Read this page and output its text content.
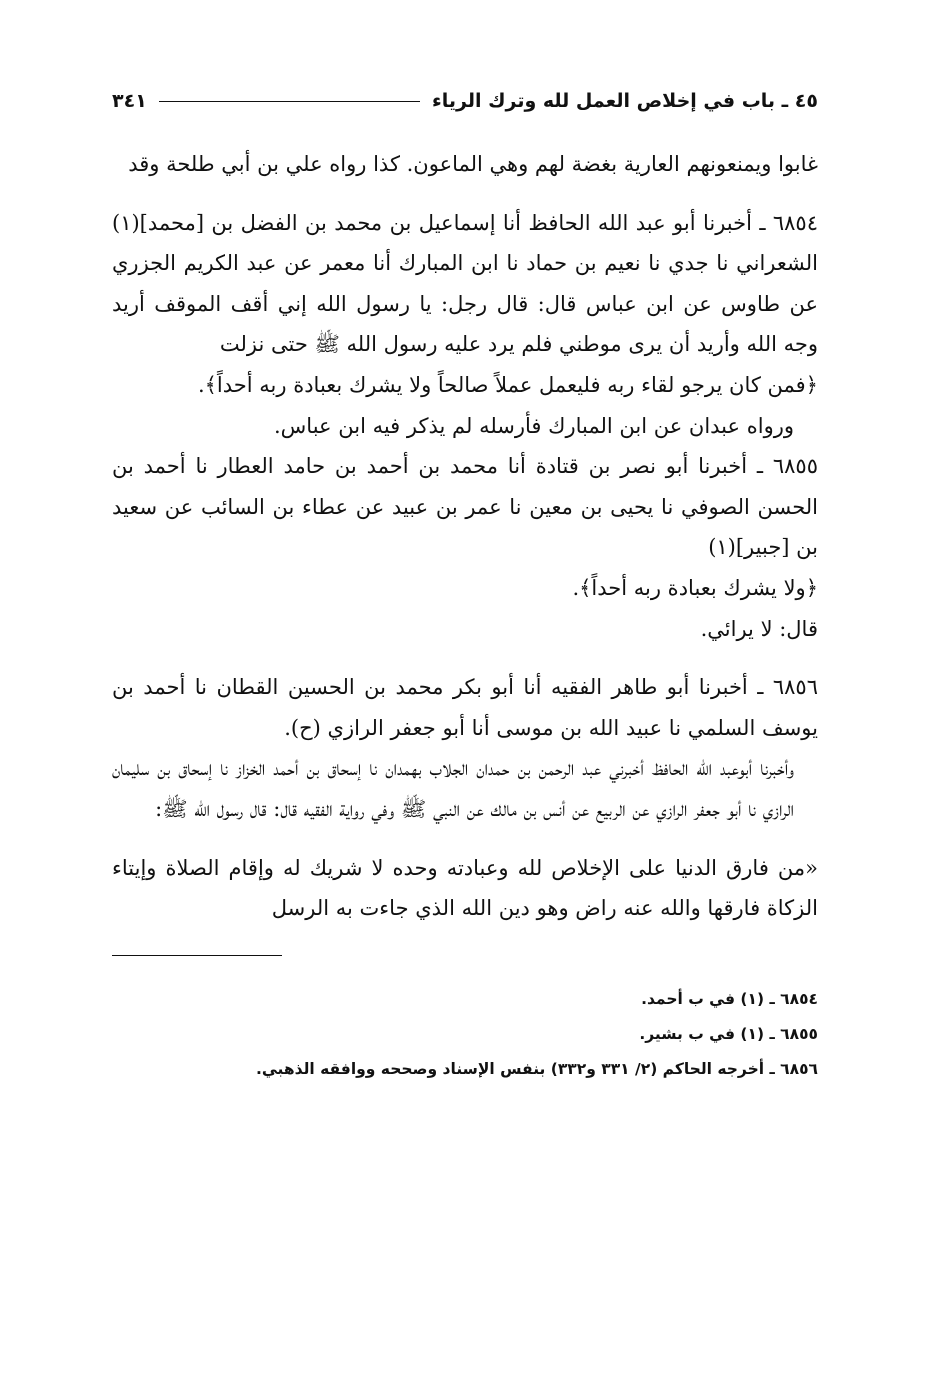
٤٥ ـ باب في إخلاص العمل لله وترك الرياء
٣٤١

غابوا ويمنعونهم العارية بغضة لهم وهي الماعون. كذا رواه علي بن أبي طلحة وقد

٦٨٥٤ ـ أخبرنا أبو عبد الله الحافظ أنا إسماعيل بن محمد بن الفضل بن [محمد](١) الشعراني نا جدي نا نعيم بن حماد نا ابن المبارك أنا معمر عن عبد الكريم الجزري عن طاوس عن ابن عباس قال: قال رجل: يا رسول الله إني أقف الموقف أريد وجه الله وأريد أن يرى موطني فلم يرد عليه رسول الله ﷺ حتى نزلت

﴿فمن كان يرجو لقاء ربه فليعمل عملاً صالحاً ولا يشرك بعبادة ربه أحداً﴾.

ورواه عبدان عن ابن المبارك فأرسله لم يذكر فيه ابن عباس.

٦٨٥٥ ـ أخبرنا أبو نصر بن قتادة أنا محمد بن أحمد بن حامد العطار نا أحمد بن الحسن الصوفي نا يحيى بن معين نا عمر بن عبيد عن عطاء بن السائب عن سعيد بن [جبير](١)

﴿ولا يشرك بعبادة ربه أحداً﴾.

قال: لا يرائي.

٦٨٥٦ ـ أخبرنا أبو طاهر الفقيه أنا أبو بكر محمد بن الحسين القطان نا أحمد بن يوسف السلمي نا عبيد الله بن موسى أنا أبو جعفر الرازي (ح).

وأخبرنا أبوعبد الله الحافظ أخبرني عبد الرحمن بن حمدان الجلاب بهمدان نا إسحاق بن أحمد الخزاز نا إسحاق بن سليمان الرازي نا أبو جعفر الرازي عن الربيع عن أنس بن مالك عن النبي ﷺ وفي رواية الفقيه قال: قال رسول الله ﷺ:

«من فارق الدنيا على الإخلاص لله وعبادته وحده لا شريك له وإقام الصلاة وإيتاء الزكاة فارقها والله عنه راض وهو دين الله الذي جاءت به الرسل

٦٨٥٤ ـ (١) في ب أحمد.

٦٨٥٥ ـ (١) في ب بشير.

٦٨٥٦ ـ أخرجه الحاكم (٢/ ٣٣١ و٣٣٢) بنفس الإسناد وصححه ووافقه الذهبي.
